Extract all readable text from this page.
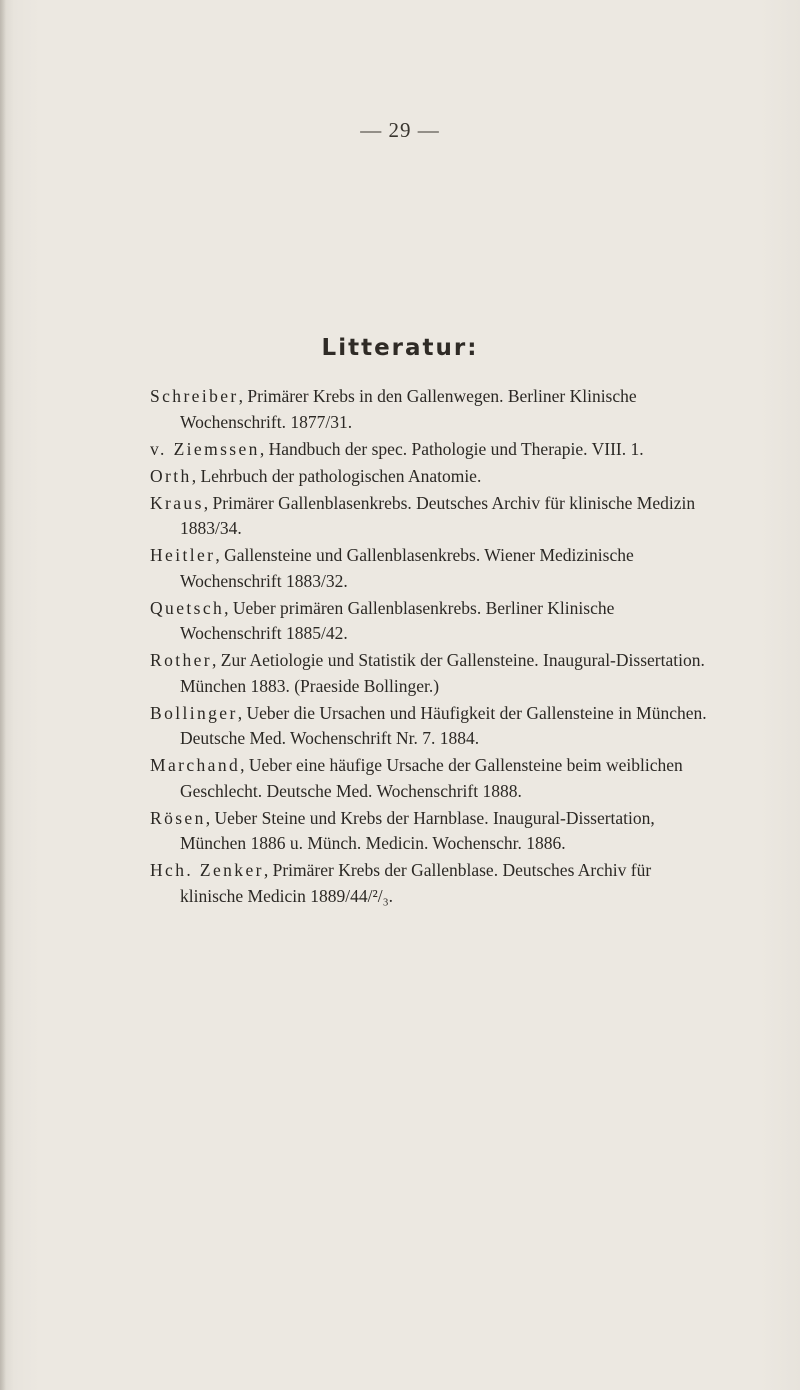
— 29 —
Litteratur:
Schreiber, Primärer Krebs in den Gallenwegen. Berliner Klinische Wochenschrift. 1877/31.
v. Ziemssen, Handbuch der spec. Pathologie und Therapie. VIII. 1.
Orth, Lehrbuch der pathologischen Anatomie.
Kraus, Primärer Gallenblasenkrebs. Deutsches Archiv für klinische Medizin 1883/34.
Heitler, Gallensteine und Gallenblasenkrebs. Wiener Medizinische Wochenschrift 1883/32.
Quetsch, Ueber primären Gallenblasenkrebs. Berliner Klinische Wochenschrift 1885/42.
Rother, Zur Aetiologie und Statistik der Gallensteine. Inaugural-Dissertation. München 1883. (Praeside Bollinger.)
Bollinger, Ueber die Ursachen und Häufigkeit der Gallensteine in München. Deutsche Med. Wochenschrift Nr. 7. 1884.
Marchand, Ueber eine häufige Ursache der Gallensteine beim weiblichen Geschlecht. Deutsche Med. Wochenschrift 1888.
Rösen, Ueber Steine und Krebs der Harnblase. Inaugural-Dissertation, München 1886 u. Münch. Medicin. Wochenschr. 1886.
Hch. Zenker, Primärer Krebs der Gallenblase. Deutsches Archiv für klinische Medicin 1889/44/²/₃.
